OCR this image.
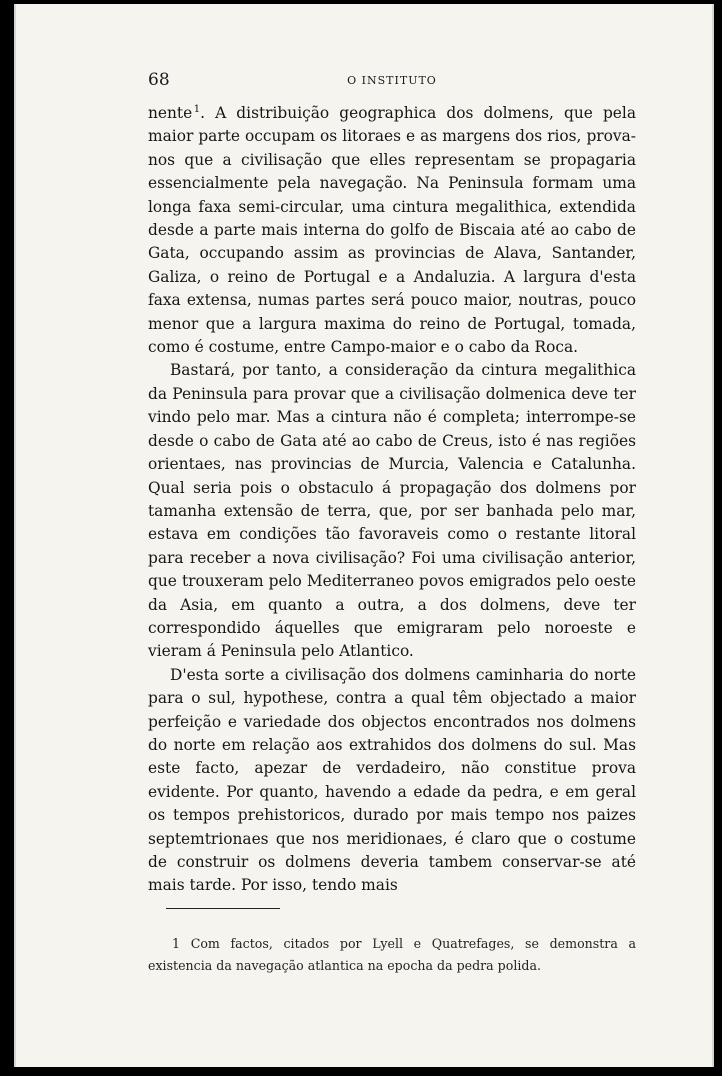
68	O INSTITUTO

nente  $^1$. A distribuição geographica dos dolmens, que pela maior parte occupam os litoraes e as margens dos rios, prova-nos que a civilisação que elles representam se propagaria essencialmente pela navegação. Na Peninsula formam uma longa faxa semi-circular, uma cintura megalithica, extendida desde a parte mais interna do golfo de Biscaia até ao cabo de Gata, occupando assim as provincias de Alava, Santander, Galiza, o reino de Portugal e a Andaluzia. A largura d'esta faxa extensa, numas partes será pouco maior, noutras, pouco menor que a largura maxima do reino de Portugal, tomada, como é costume, entre Campo-maior e o cabo da Roca.

Bastará, por tanto, a consideração da cintura megalithica da Peninsula para provar que a civilisação dolmenica deve ter vindo pelo mar. Mas a cintura não é completa; interrompe-se desde o cabo de Gata até ao cabo de Creus, isto é nas regiões orientaes, nas provincias de Murcia, Valencia e Catalunha. Qual seria pois o obstaculo á propagação dos dolmens por tamanha extensão de terra, que, por ser banhada pelo mar, estava em condições tão favoraveis como o restante litoral para receber a nova civilisação? Foi uma civilisação anterior, que trouxeram pelo Mediterraneo povos emigrados pelo oeste da Asia, em quanto a outra, a dos dolmens, deve ter correspondido áquelles que emigraram pelo noroeste e vieram á Peninsula pelo Atlantico.

D'esta sorte a civilisação dos dolmens caminharia do norte para o sul, hypothese, contra a qual têm objectado a maior perfeição e variedade dos objectos encontrados nos dolmens do norte em relação aos extrahidos dos dolmens do sul. Mas este facto, apezar de verdadeiro, não constitue prova evidente. Por quanto, havendo a edade da pedra, e em geral os tempos prehistoricos, durado por mais tempo nos paizes septemtrionaes que nos meridionaes, é claro que o costume de construir os dolmens deveria tambem conservar-se até mais tarde. Por isso, tendo mais

1 Com factos, citados por Lyell e Quatrefages, se demonstra a existencia da navegação atlantica na epocha da pedra polida.
